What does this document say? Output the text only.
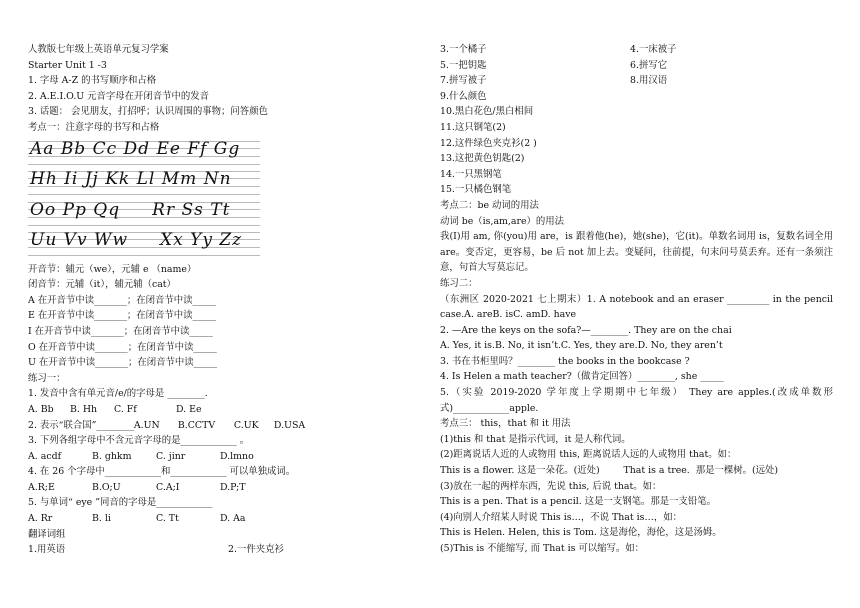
人教版七年级上英语单元复习学案
Starter Unit 1 -3
1. 字母 A-Z 的书写顺序和占格
2. A.E.I.O.U 元音字母在开闭音节中的发音
3. 话题： 会见朋友，打招呼；认识周围的事物；问答颜色
考点一：注意字母的书写和占格
Aa Bb Cc Dd Ee Ff Gg
Hh Ii Jj Kk Ll Mm Nn
Oo Pp Qq     Rr Ss Tt
Uu Vv Ww     Xx Yy Zz
开音节：辅元（we），元辅 e （name）
闭音节：元辅（it），辅元辅（cat）
A 在开音节中读_______；在闭音节中读_____
E 在开音节中读_______；在闭音节中读_____
I 在开音节中读_______；在闭音节中读_____
O 在开音节中读_______；在闭音节中读_____
U 在开音节中读_______；在闭音节中读_____
练习一：
1. 发音中含有单元音/e/的字母是 ________.
A. Bb B. Hh C. Ff	D. Ee
2. 表示“联合国”________A.UN B.CCTV C.UK D.USA
3. 下列各组字母中不含元音字母的是____________ 。
A. acdf	B. ghkm	C. jinr	D.lmno
4. 在 26 个字母中____________和____________ 可以单独成词。
A.R;E	B.O;U	C.A;I	D.P;T
5. 与单词“ eye ”同音的字母是____________
A. Rr	B. li	C. Tt	D. Aa
翻译词组
1.用英语	2.一件夹克衫
3.一个橘子	4.一床被子
5.一把钥匙	6.拼写它
7.拼写被子	8.用汉语
9.什么颜色
10.黑白花色/黑白相间
11.这只钢笔(2)
12.这件绿色夹克衫(2 )
13.这把黄色钥匙(2)
14.一只黑钢笔
15.一只橘色钢笔
考点二：be 动词的用法
动词 be（is,am,are）的用法
我(I)用 am, 你(you)用 are，is 跟着他(he)，她(she)，它(it)。单数名词用 is，复数名词全用 are。变否定，更容易，be 后 not 加上去。变疑问，往前提，句末问号莫丢弃。还有一条须注意，句首大写莫忘记。
练习二：
（东洲区 2020-2021 七上期末）1. A notebook and an eraser _________ in the pencil case.A. areB. isC. amD. have
2. —Are the keys on the sofa?—________. They are on the chai
A. Yes, it is.B. No, it isn’t.C. Yes, they are.D. No, they aren’t
3. 书在书柜里吗？________ the books in the bookcase ?
4. Is Helen a math teacher?（做肯定回答）________, she _____
5.（实验 2019-2020 学年度上学期期中七年级） They are apples.(改成单数形式)____________apple.
考点三： this，that 和 it 用法
(1)this 和 that 是指示代词，it 是人称代词。
(2)距离说话人近的人或物用 this, 距离说话人远的人或物用 that。如：
This is a flower. 这是一朵花。(近处)        That is a tree.  那是一棵树。(远处)
(3)放在一起的两样东西，先说 this, 后说 that。如：
This is a pen. That is a pencil. 这是一支钢笔。那是一支铅笔。
(4)向别人介绍某人时说 This is…，不说 That is…，如：
This is Helen. Helen, this is Tom. 这是海伦，海伦，这是汤姆。
(5)This is 不能缩写, 而 That is 可以缩写。如：
